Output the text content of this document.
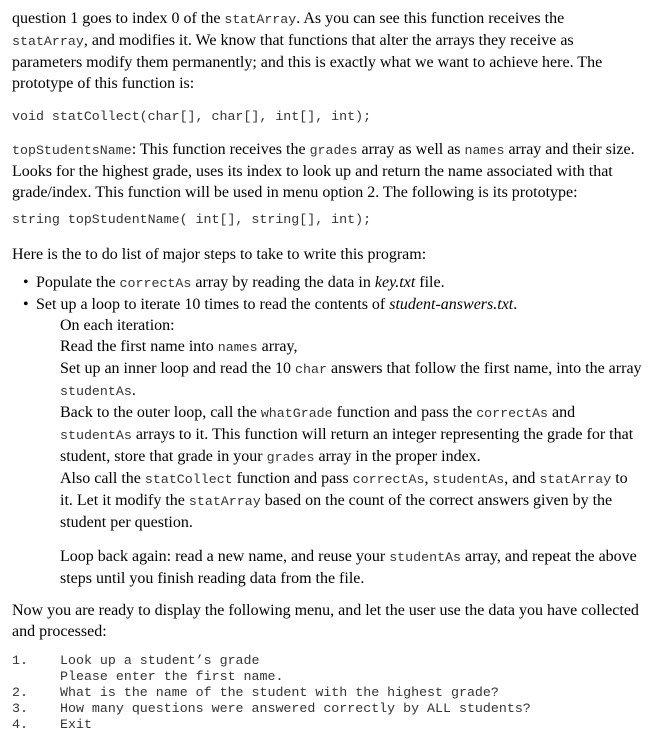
question 1 goes to index 0 of the statArray. As you can see this function receives the statArray, and modifies it. We know that functions that alter the arrays they receive as parameters modify them permanently; and this is exactly what we want to achieve here. The prototype of this function is:

void statCollect(char[], char[], int[], int);

topStudentsName: This function receives the grades array as well as names array and their size. Looks for the highest grade, uses its index to look up and return the name associated with that grade/index. This function will be used in menu option 2. The following is its prototype:

string topStudentName( int[], string[], int);

Here is the to do list of major steps to take to write this program:

• Populate the correctAs array by reading the data in key.txt file.
• Set up a loop to iterate 10 times to read the contents of student-answers.txt.

On each iteration:

Read the first name into names array,

Set up an inner loop and read the 10 char answers that follow the first name, into the array studentAs.

Back to the outer loop, call the whatGrade function and pass the correctAs and studentAs arrays to it. This function will return an integer representing the grade for that student, store that grade in your grades array in the proper index.

Also call the statCollect function and pass correctAs, studentAs, and statArray to it. Let it modify the statArray based on the count of the correct answers given by the student per question.

Loop back again: read a new name, and reuse your studentAs array, and repeat the above steps until you finish reading data from the file.

Now you are ready to display the following menu, and let the user use the data you have collected and processed:

1. Look up a student’s grade
Please enter the first name.
2. What is the name of the student with the highest grade?
3. How many questions were answered correctly by ALL students?
4. Exit
